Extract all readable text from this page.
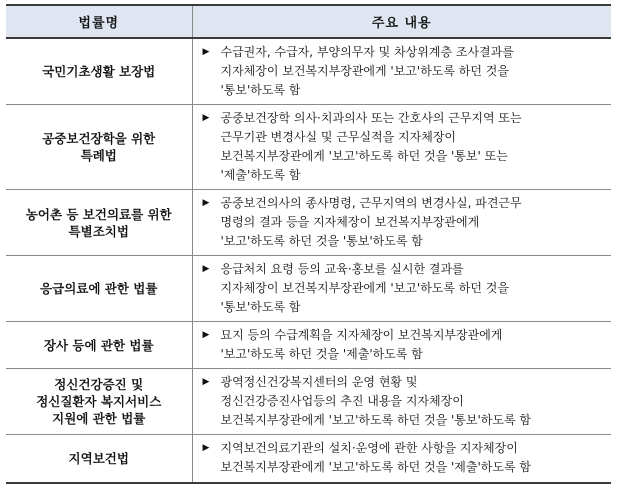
법률명	주요 내용
국민기초생활 보장법	▶ 수급권자, 수급자, 부양의무자 및 차상위계층 조사결과를
지자체장이 보건복지부장관에게 '보고'하도록 하던 것을
'통보'하도록 함

공중보건장학을 위한
특례법	▶ 공중보건장학 의사·치과의사 또는 간호사의 근무지역 또는
근무기관 변경사실 및 근무실적을 지자체장이
보건복지부장관에게 '보고'하도록 하던 것을 '통보' 또는
'제출'하도록 함

농어촌 등 보건의료를 위한
특별조치법	▶ 공중보건의사의 종사명령, 근무지역의 변경사실, 파견근무
명령의 결과 등을 지자체장이 보건복지부장관에게
'보고'하도록 하던 것을 '통보'하도록 함

응급의료에 관한 법률	▶ 응급처치 요령 등의 교육·홍보를 실시한 결과를
지자체장이 보건복지부장관에게 '보고'하도록 하던 것을
'통보'하도록 함

장사 등에 관한 법률	▶ 묘지 등의 수급계획을 지자체장이 보건복지부장관에게
'보고'하도록 하던 것을 '제출'하도록 함

정신건강증진 및
정신질환자 복지서비스
지원에 관한 법률	▶ 광역정신건강복지센터의 운영 현황 및
정신건강증진사업등의 추진 내용을 지자체장이
보건복지부장관에게 '보고'하도록 하던 것을 '통보'하도록 함

지역보건법	▶ 지역보건의료기관의 설치·운영에 관한 사항을 지자체장이
보건복지부장관에게 '보고'하도록 하던 것을 '제출'하도록 함
